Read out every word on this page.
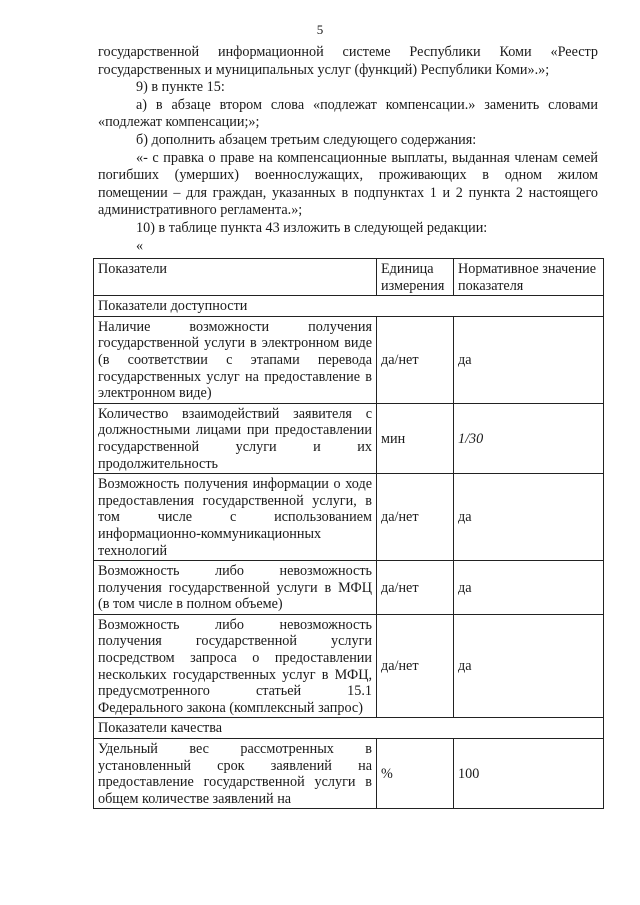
5

государственной информационной системе Республики Коми «Реестр государственных и муниципальных услуг (функций) Республики Коми».»;

9) в пункте 15:

а) в абзаце втором слова «подлежат компенсации.» заменить словами «подлежат компенсации;»;

б) дополнить абзацем третьим следующего содержания:

«- с правка о праве на компенсационные выплаты, выданная членам семей погибших (умерших) военнослужащих, проживающих в одном жилом помещении – для граждан, указанных в подпунктах 1 и 2 пункта 2 настоящего административного регламента.»;

10) в таблице пункта 43 изложить в следующей редакции:

«

Показатели	Единица измерения	Нормативное значение показателя
Показатели доступности		
Наличие возможности получения государственной услуги в электронном виде (в соответствии с этапами перевода государственных услуг на предоставление в электронном виде)	да/нет	да
Количество взаимодействий заявителя с должностными лицами при предоставлении государственной услуги и их продолжительность	мин	1/30
Возможность получения информации о ходе предоставления государственной услуги, в том числе с использованием информационно-коммуникационных технологий	да/нет	да
Возможность либо невозможность получения государственной услуги в МФЦ (в том числе в полном объеме)	да/нет	да
Возможность либо невозможность получения государственной услуги посредством запроса о предоставлении нескольких государственных услуг в МФЦ, предусмотренного статьей 15.1 Федерального закона (комплексный запрос)	да/нет	да
Показатели качества		
Удельный вес рассмотренных в установленный срок заявлений на предоставление государственной услуги в общем количестве заявлений на	%	100
